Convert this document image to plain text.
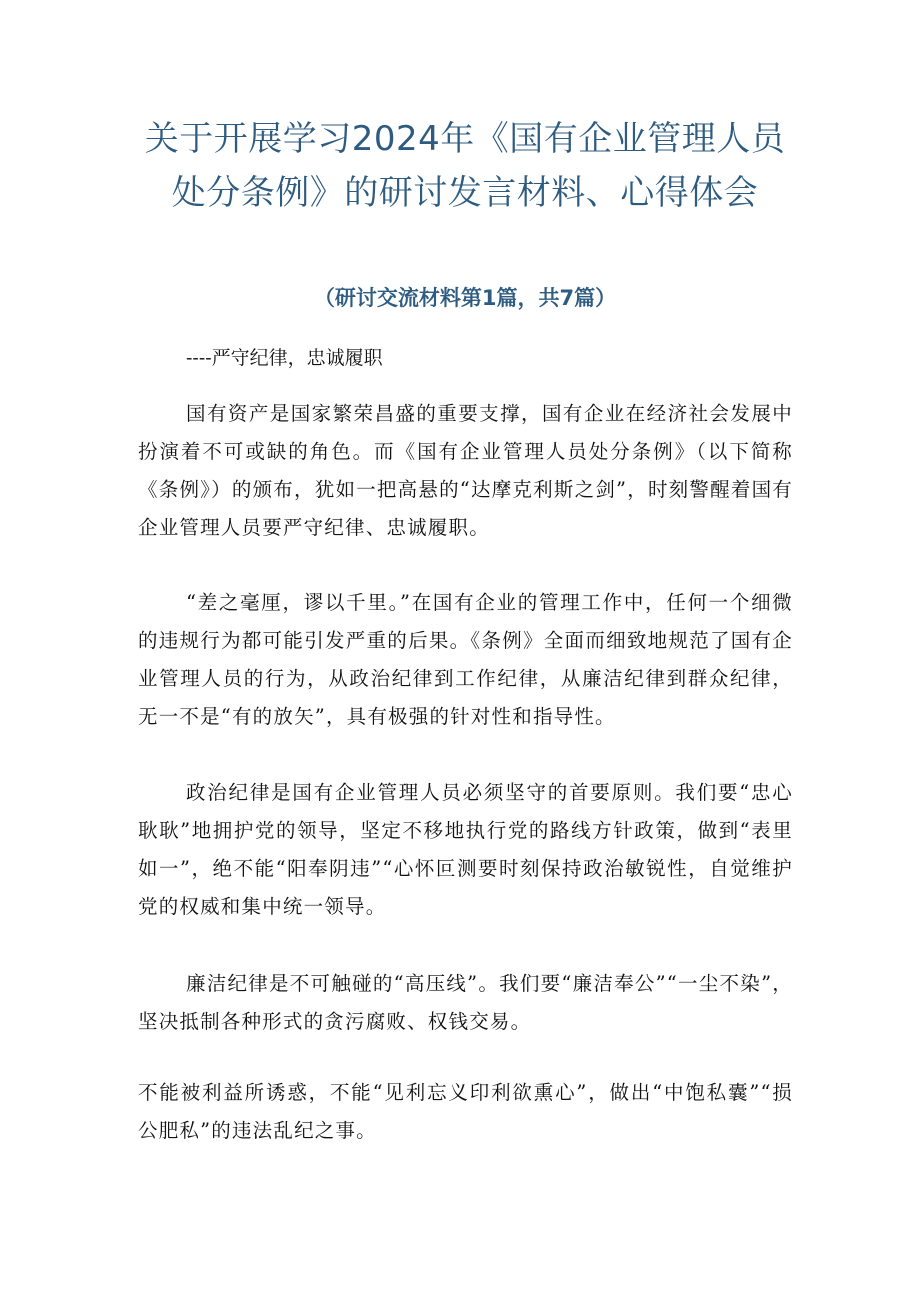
关于开展学习2024年《国有企业管理人员
处分条例》的研讨发言材料、心得体会
（研讨交流材料第1篇，共7篇）
----严守纪律，忠诚履职
国有资产是国家繁荣昌盛的重要支撑，国有企业在经济社会发展中扮演着不可或缺的角色。而《国有企业管理人员处分条例》（以下简称《条例》）的颁布，犹如一把高悬的“达摩克利斯之剑”，时刻警醒着国有企业管理人员要严守纪律、忠诚履职。
“差之毫厘，谬以千里。”在国有企业的管理工作中，任何一个细微的违规行为都可能引发严重的后果。《条例》全面而细致地规范了国有企业管理人员的行为，从政治纪律到工作纪律，从廉洁纪律到群众纪律，无一不是“有的放矢”，具有极强的针对性和指导性。
政治纪律是国有企业管理人员必须坚守的首要原则。我们要“忠心耿耿”地拥护党的领导，坚定不移地执行党的路线方针政策，做到“表里如一”，绝不能“阳奉阴违”“心怀叵测要时刻保持政治敏锐性，自觉维护党的权威和集中统一领导。
廉洁纪律是不可触碰的“高压线”。我们要“廉洁奉公”“一尘不染”，坚决抵制各种形式的贪污腐败、权钱交易。
不能被利益所诱惑，不能“见利忘义印利欲熏心”，做出“中饱私囊”“损公肥私”的违法乱纪之事。
